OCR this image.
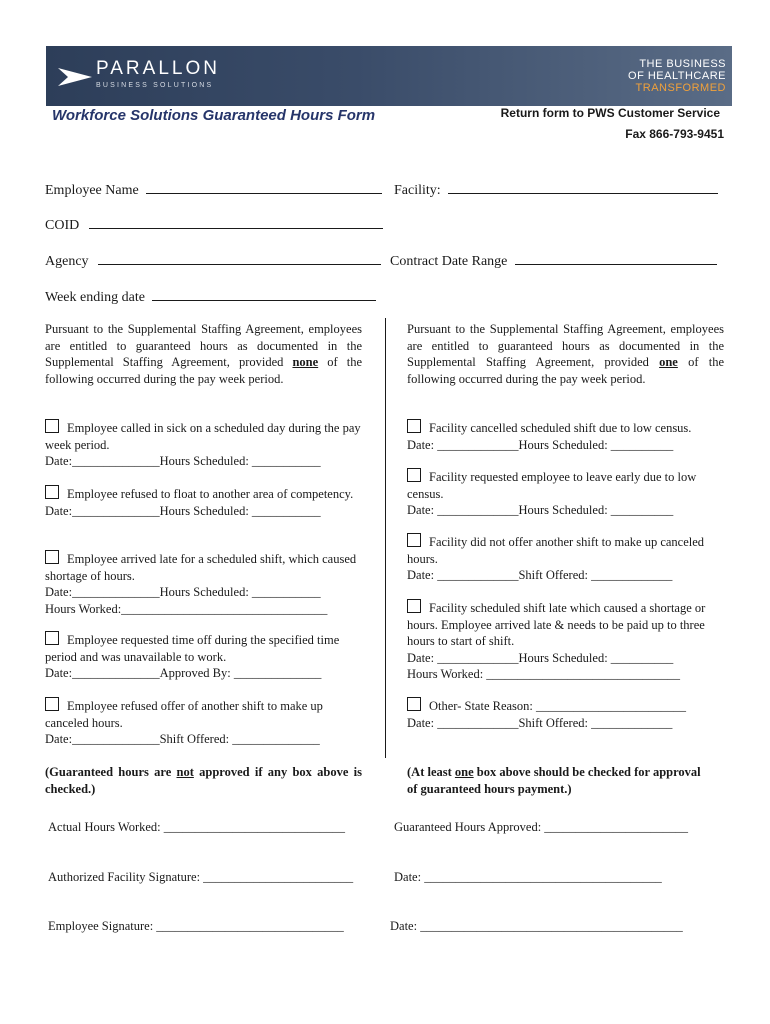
PARALLON
BUSINESS SOLUTIONS
THE BUSINESS
OF HEALTHCARE
TRANSFORMED
Workforce Solutions Guaranteed Hours Form	Return form to PWS Customer Service
Fax 866-793-9451
Employee Name	Facility:
COID
Agency	Contract Date Range
Week ending date
Pursuant to the Supplemental Staffing Agreement, employees are entitled to guaranteed hours as documented in the Supplemental Staffing Agreement, provided none of the following occurred during the pay week period.
Employee called in sick on a scheduled day during the pay week period.
Date:______________Hours Scheduled: ___________
Employee refused to float to another area of competency.
Date:______________Hours Scheduled: ___________
Employee arrived late for a scheduled shift, which caused shortage of hours.
Date:______________Hours Scheduled: ___________
Hours Worked:_________________________________
Employee requested time off during the specified time period and was unavailable to work.
Date:______________Approved By: ______________
Employee refused offer of another shift to make up canceled hours.
Date:______________Shift Offered: ______________
(Guaranteed hours are not approved if any box above is checked.)
Pursuant to the Supplemental Staffing Agreement, employees are entitled to guaranteed hours as documented in the Supplemental Staffing Agreement, provided one of the following occurred during the pay week period.
Facility cancelled scheduled shift due to low census.
Date: _____________Hours Scheduled: __________
Facility requested employee to leave early due to low census.
Date: _____________Hours Scheduled: __________
Facility did not offer another shift to make up canceled hours.
Date: _____________Shift Offered: _____________
Facility scheduled shift late which caused a shortage or hours. Employee arrived late & needs to be paid up to three hours to start of shift.
Date: _____________Hours Scheduled: __________
Hours Worked: _______________________________
Other- State Reason: ________________________
Date: _____________Shift Offered: _____________
(At least one box above should be checked for approval of guaranteed hours payment.)
Actual Hours Worked: _____________________________	Guaranteed Hours Approved: _______________________
Authorized Facility Signature: ________________________	Date: ______________________________________
Employee Signature: ______________________________	Date: __________________________________________
